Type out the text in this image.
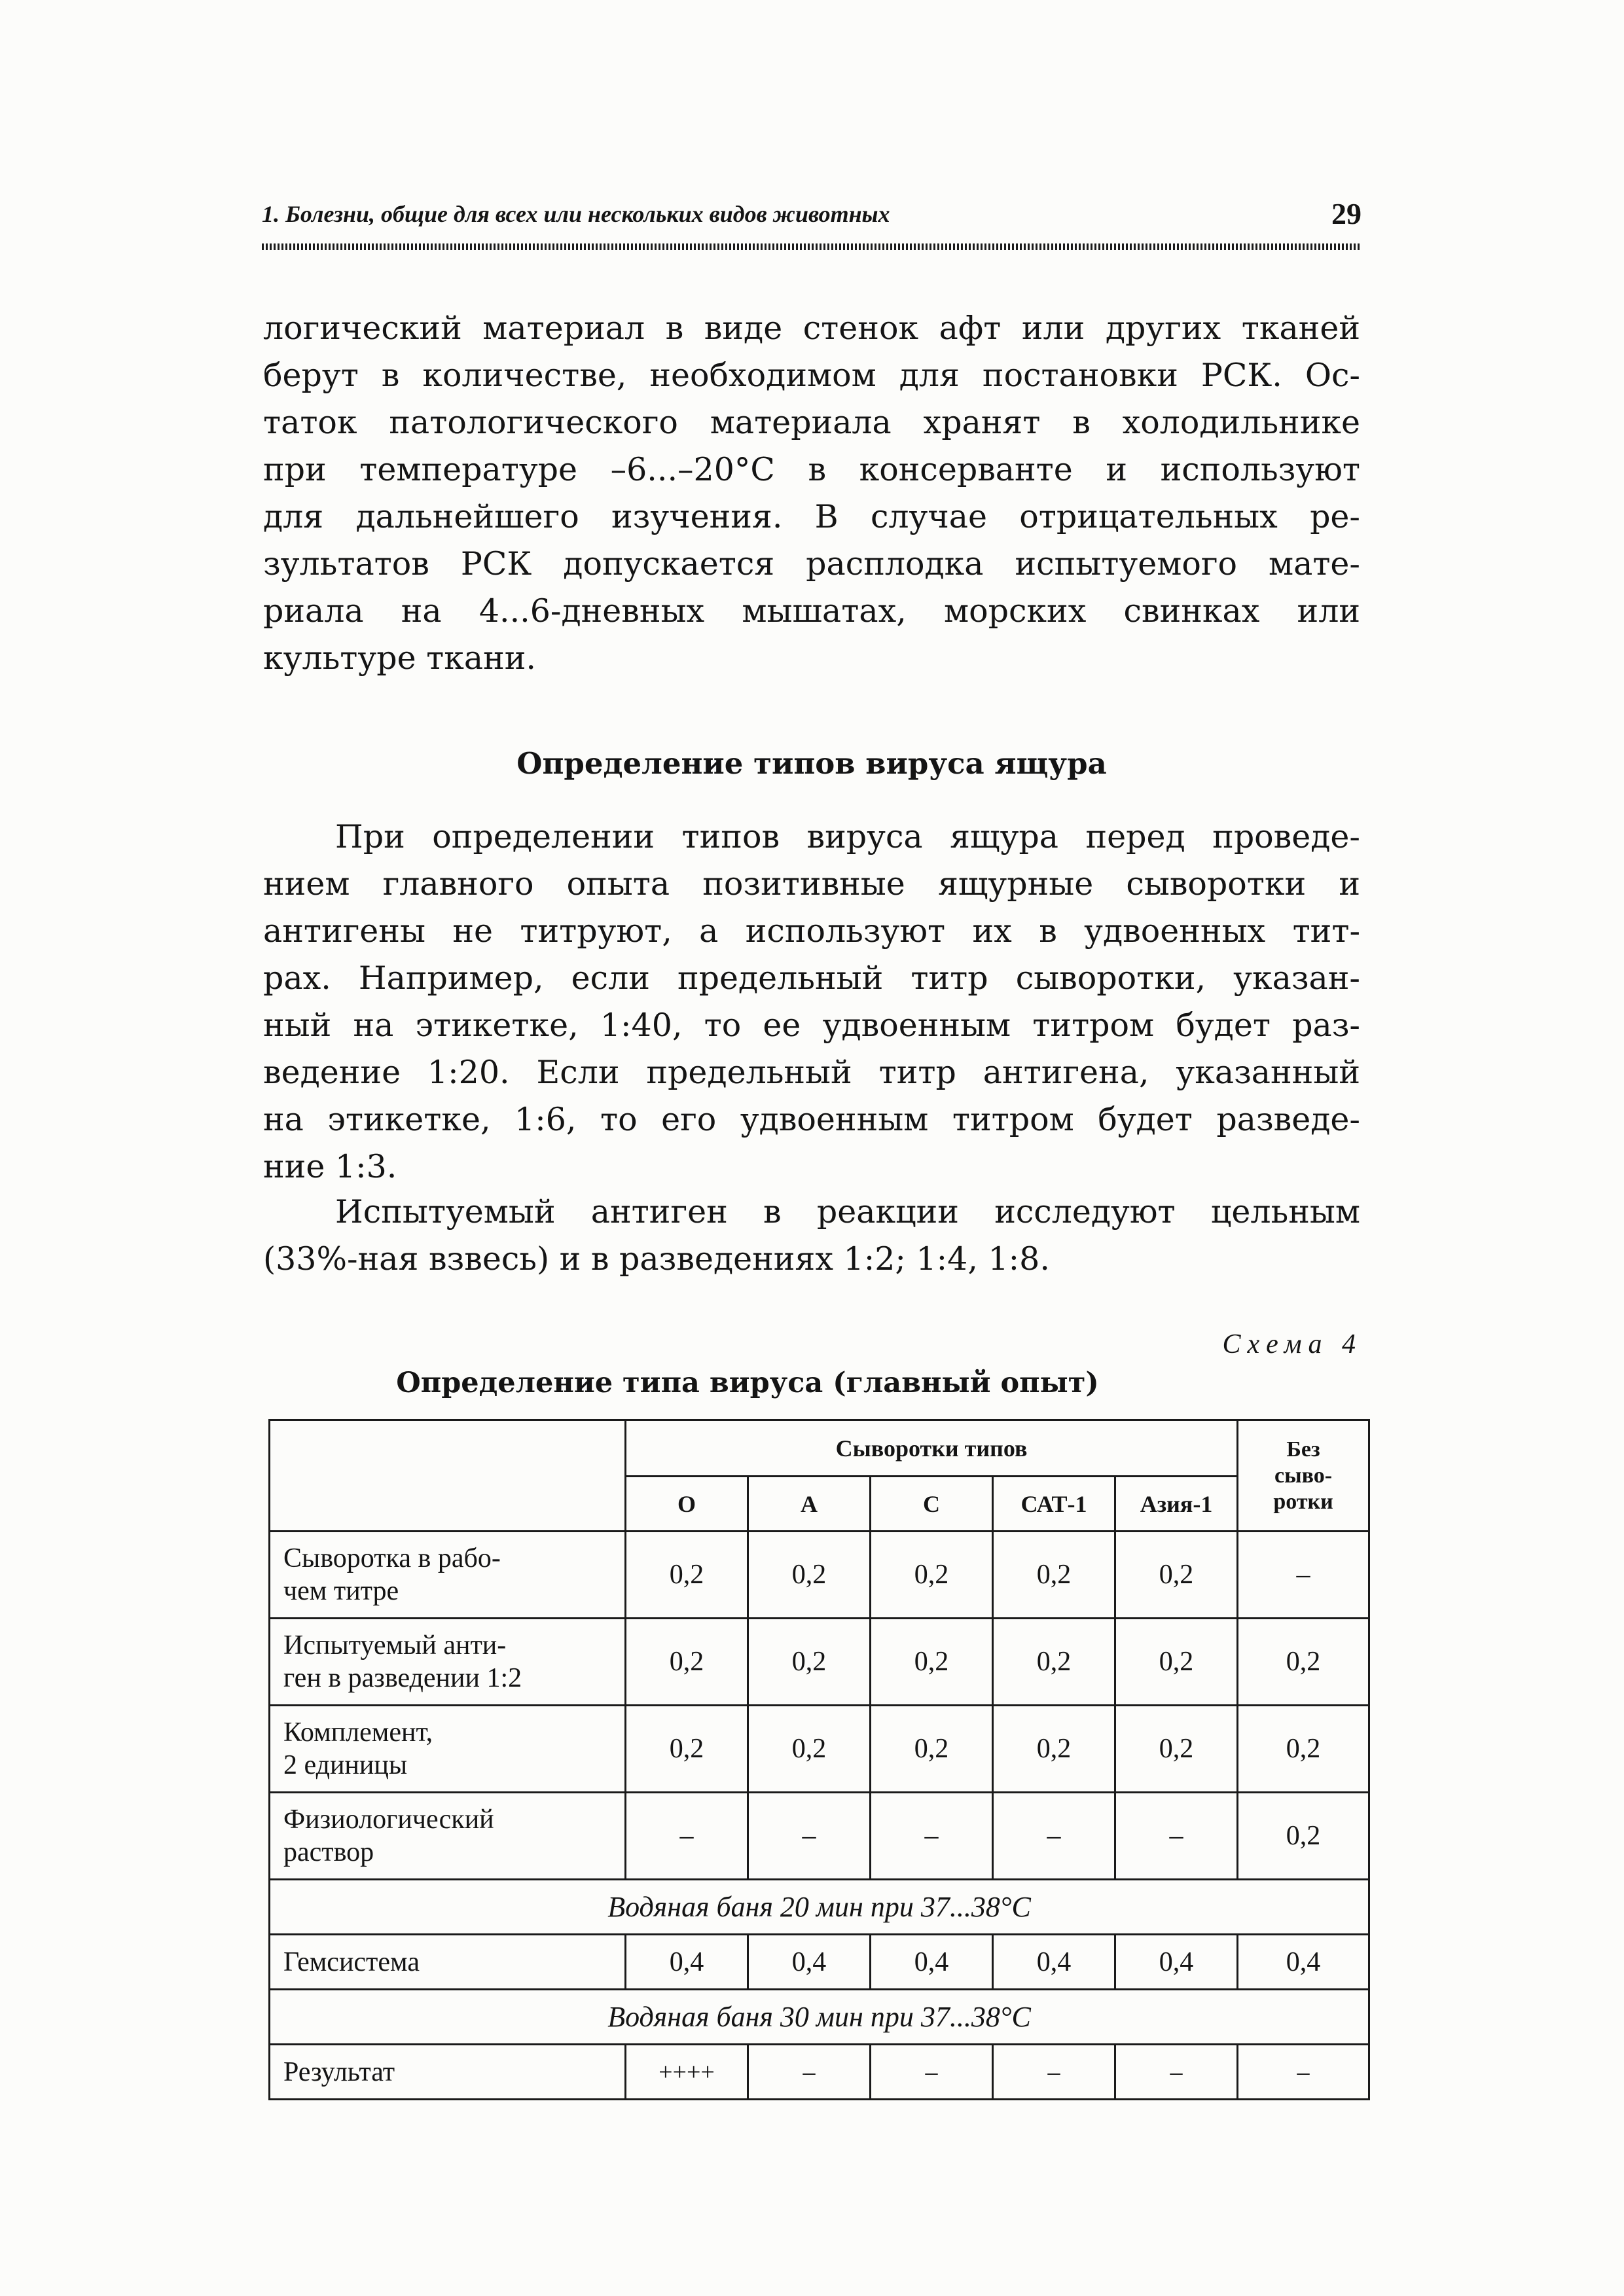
1. Болезни, общие для всех или нескольких видов животных	29
логический материал в виде стенок афт или других тканей
берут в количестве, необходимом для постановки РСК. Ос-
таток патологического материала хранят в холодильнике
при температуре –6...–20°С в консерванте и используют
для дальнейшего изучения. В случае отрицательных ре-
зультатов РСК допускается расплодка испытуемого мате-
риала на 4...6-дневных мышатах, морских свинках или
культуре ткани.
Определение типов вируса ящура
При определении типов вируса ящура перед проведе-
нием главного опыта позитивные ящурные сыворотки и
антигены не титруют, а используют их в удвоенных тит-
рах. Например, если предельный титр сыворотки, указан-
ный на этикетке, 1:40, то ее удвоенным титром будет раз-
ведение 1:20. Если предельный титр антигена, указанный
на этикетке, 1:6, то его удвоенным титром будет разведе-
ние 1:3.
Испытуемый антиген в реакции исследуют цельным
(33%-ная взвесь) и в разведениях 1:2; 1:4, 1:8.
Схема 4
Определение типа вируса (главный опыт)
	Сыворотки типов					Без
сыво-
ротки

	О	А	С	САТ-1	Азия-1	

Сыворотка в рабо-
чем титре	0,2	0,2	0,2	0,2	0,2	–

Испытуемый анти-
ген в разведении 1:2	0,2	0,2	0,2	0,2	0,2	0,2

Комплемент,
2 единицы	0,2	0,2	0,2	0,2	0,2	0,2

Физиологический
раствор	–	–	–	–	–	0,2
Водяная баня 20 мин при 37...38°С						
Гемсистема	0,4	0,4	0,4	0,4	0,4	0,4
Водяная баня 30 мин при 37...38°С						
Результат	++++	–	–	–	–	–
